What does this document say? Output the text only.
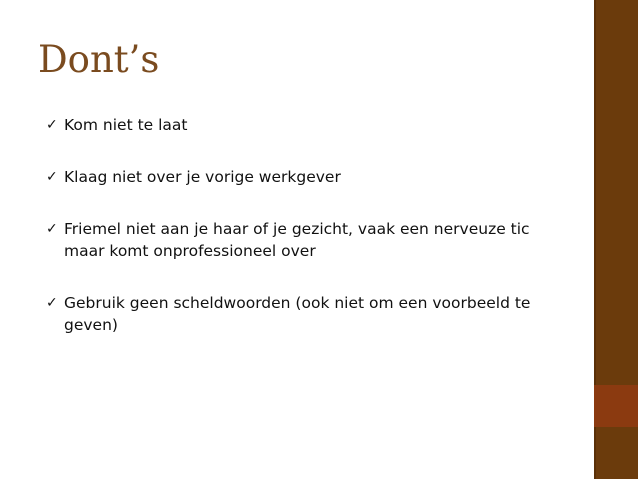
Dont’s
✓ Kom niet te laat
✓ Klaag niet over je vorige werkgever
✓ Friemel niet aan je haar of je gezicht, vaak een nerveuze tic maar komt onprofessioneel over
✓ Gebruik geen scheldwoorden (ook niet om een voorbeeld te geven)
